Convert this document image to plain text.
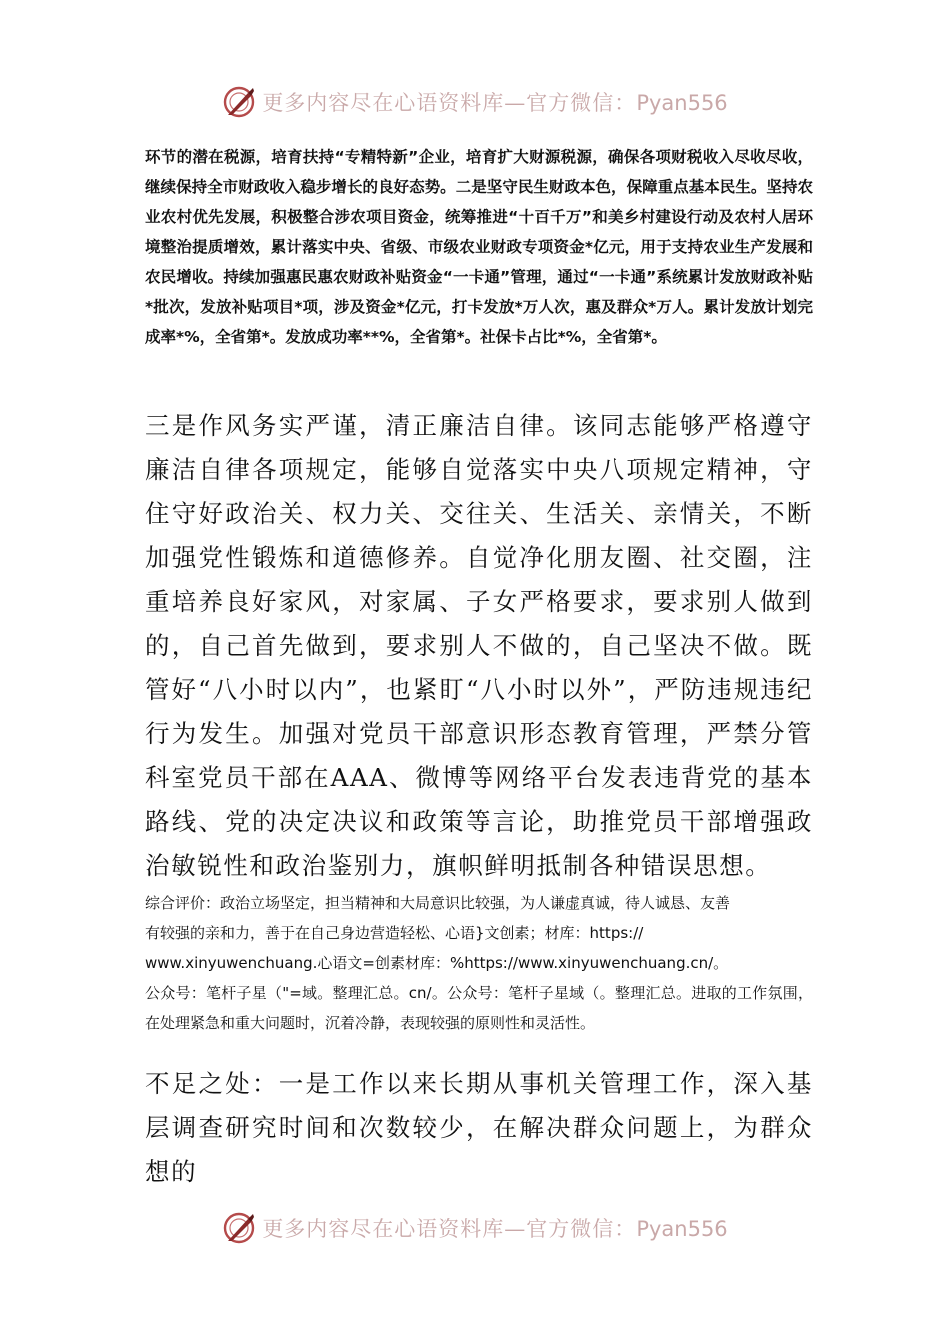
更多内容尽在心语资料库—官方微信：Pyan556

环节的潜在税源，培育扶持“专精特新”企业，培育扩大财源税源，确保各项财税收入尽收尽收，继续保持全市财政收入稳步增长的良好态势。二是坚守民生财政本色，保障重点基本民生。坚持农业农村优先发展，积极整合涉农项目资金，统筹推进“十百千万”和美乡村建设行动及农村人居环境整治提质增效，累计落实中央、省级、市级农业财政专项资金*亿元，用于支持农业生产发展和农民增收。持续加强惠民惠农财政补贴资金“一卡通”管理，通过“一卡通”系统累计发放财政补贴*批次，发放补贴项目*项，涉及资金*亿元，打卡发放*万人次，惠及群众*万人。累计发放计划完成率*%，全省第*。发放成功率**%，全省第*。社保卡占比*%，全省第*。

三是作风务实严谨，清正廉洁自律。该同志能够严格遵守廉洁自律各项规定，能够自觉落实中央八项规定精神，守住守好政治关、权力关、交往关、生活关、亲情关，不断加强党性锻炼和道德修养。自觉净化朋友圈、社交圈，注重培养良好家风，对家属、子女严格要求，要求别人做到的，自己首先做到，要求别人不做的，自己坚决不做。既管好“八小时以内”，也紧盯“八小时以外”，严防违规违纪行为发生。加强对党员干部意识形态教育管理，严禁分管科室党员干部在AAA、微博等网络平台发表违背党的基本路线、党的决定决议和政策等言论，助推党员干部增强政治敏锐性和政治鉴别力，旗帜鲜明抵制各种错误思想。

综合评价：政治立场坚定，担当精神和大局意识比较强，为人谦虚真诚，待人诚恳、友善

有较强的亲和力，善于在自己身边营造轻松、心语}文创素；材库：https://

www.xinyuwenchuang.心语文=创素材库：%https://www.xinyuwenchuang.cn/。

公众号：笔杆子星（"=域。整理汇总。cn/。公众号：笔杆子星域（。整理汇总。进取的工作氛围，在处理紧急和重大问题时，沉着冷静，表现较强的原则性和灵活性。

不足之处：一是工作以来长期从事机关管理工作，深入基层调查研究时间和次数较少，在解决群众问题上，为群众想的

更多内容尽在心语资料库—官方微信：Pyan556
